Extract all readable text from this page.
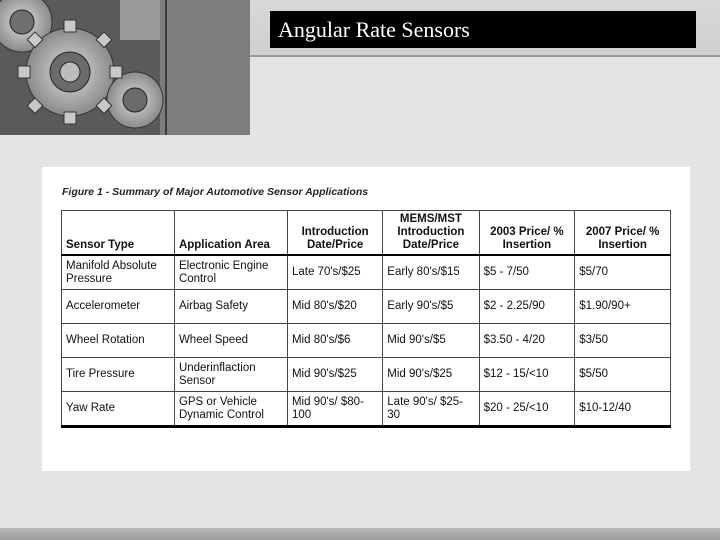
Angular Rate Sensors
Figure 1 - Summary of Major Automotive Sensor Applications
Sensor Type	Application Area	Introduction Date/Price	MEMS/MST Introduction Date/Price	2003 Price/ % Insertion	2007 Price/ % Insertion
Manifold Absolute Pressure	Electronic Engine Control	Late 70's/$25	Early 80's/$15	$5 - 7/50	$5/70
Accelerometer	Airbag Safety	Mid 80's/$20	Early 90's/$5	$2 - 2.25/90	$1.90/90+
Wheel Rotation	Wheel Speed	Mid 80's/$6	Mid 90's/$5	$3.50 - 4/20	$3/50
Tire Pressure	Underinflaction Sensor	Mid 90's/$25	Mid 90's/$25	$12 - 15/<10	$5/50
Yaw Rate	GPS or Vehicle Dynamic Control	Mid 90's/ $80-100	Late 90's/ $25-30	$20 - 25/<10	$10-12/40
